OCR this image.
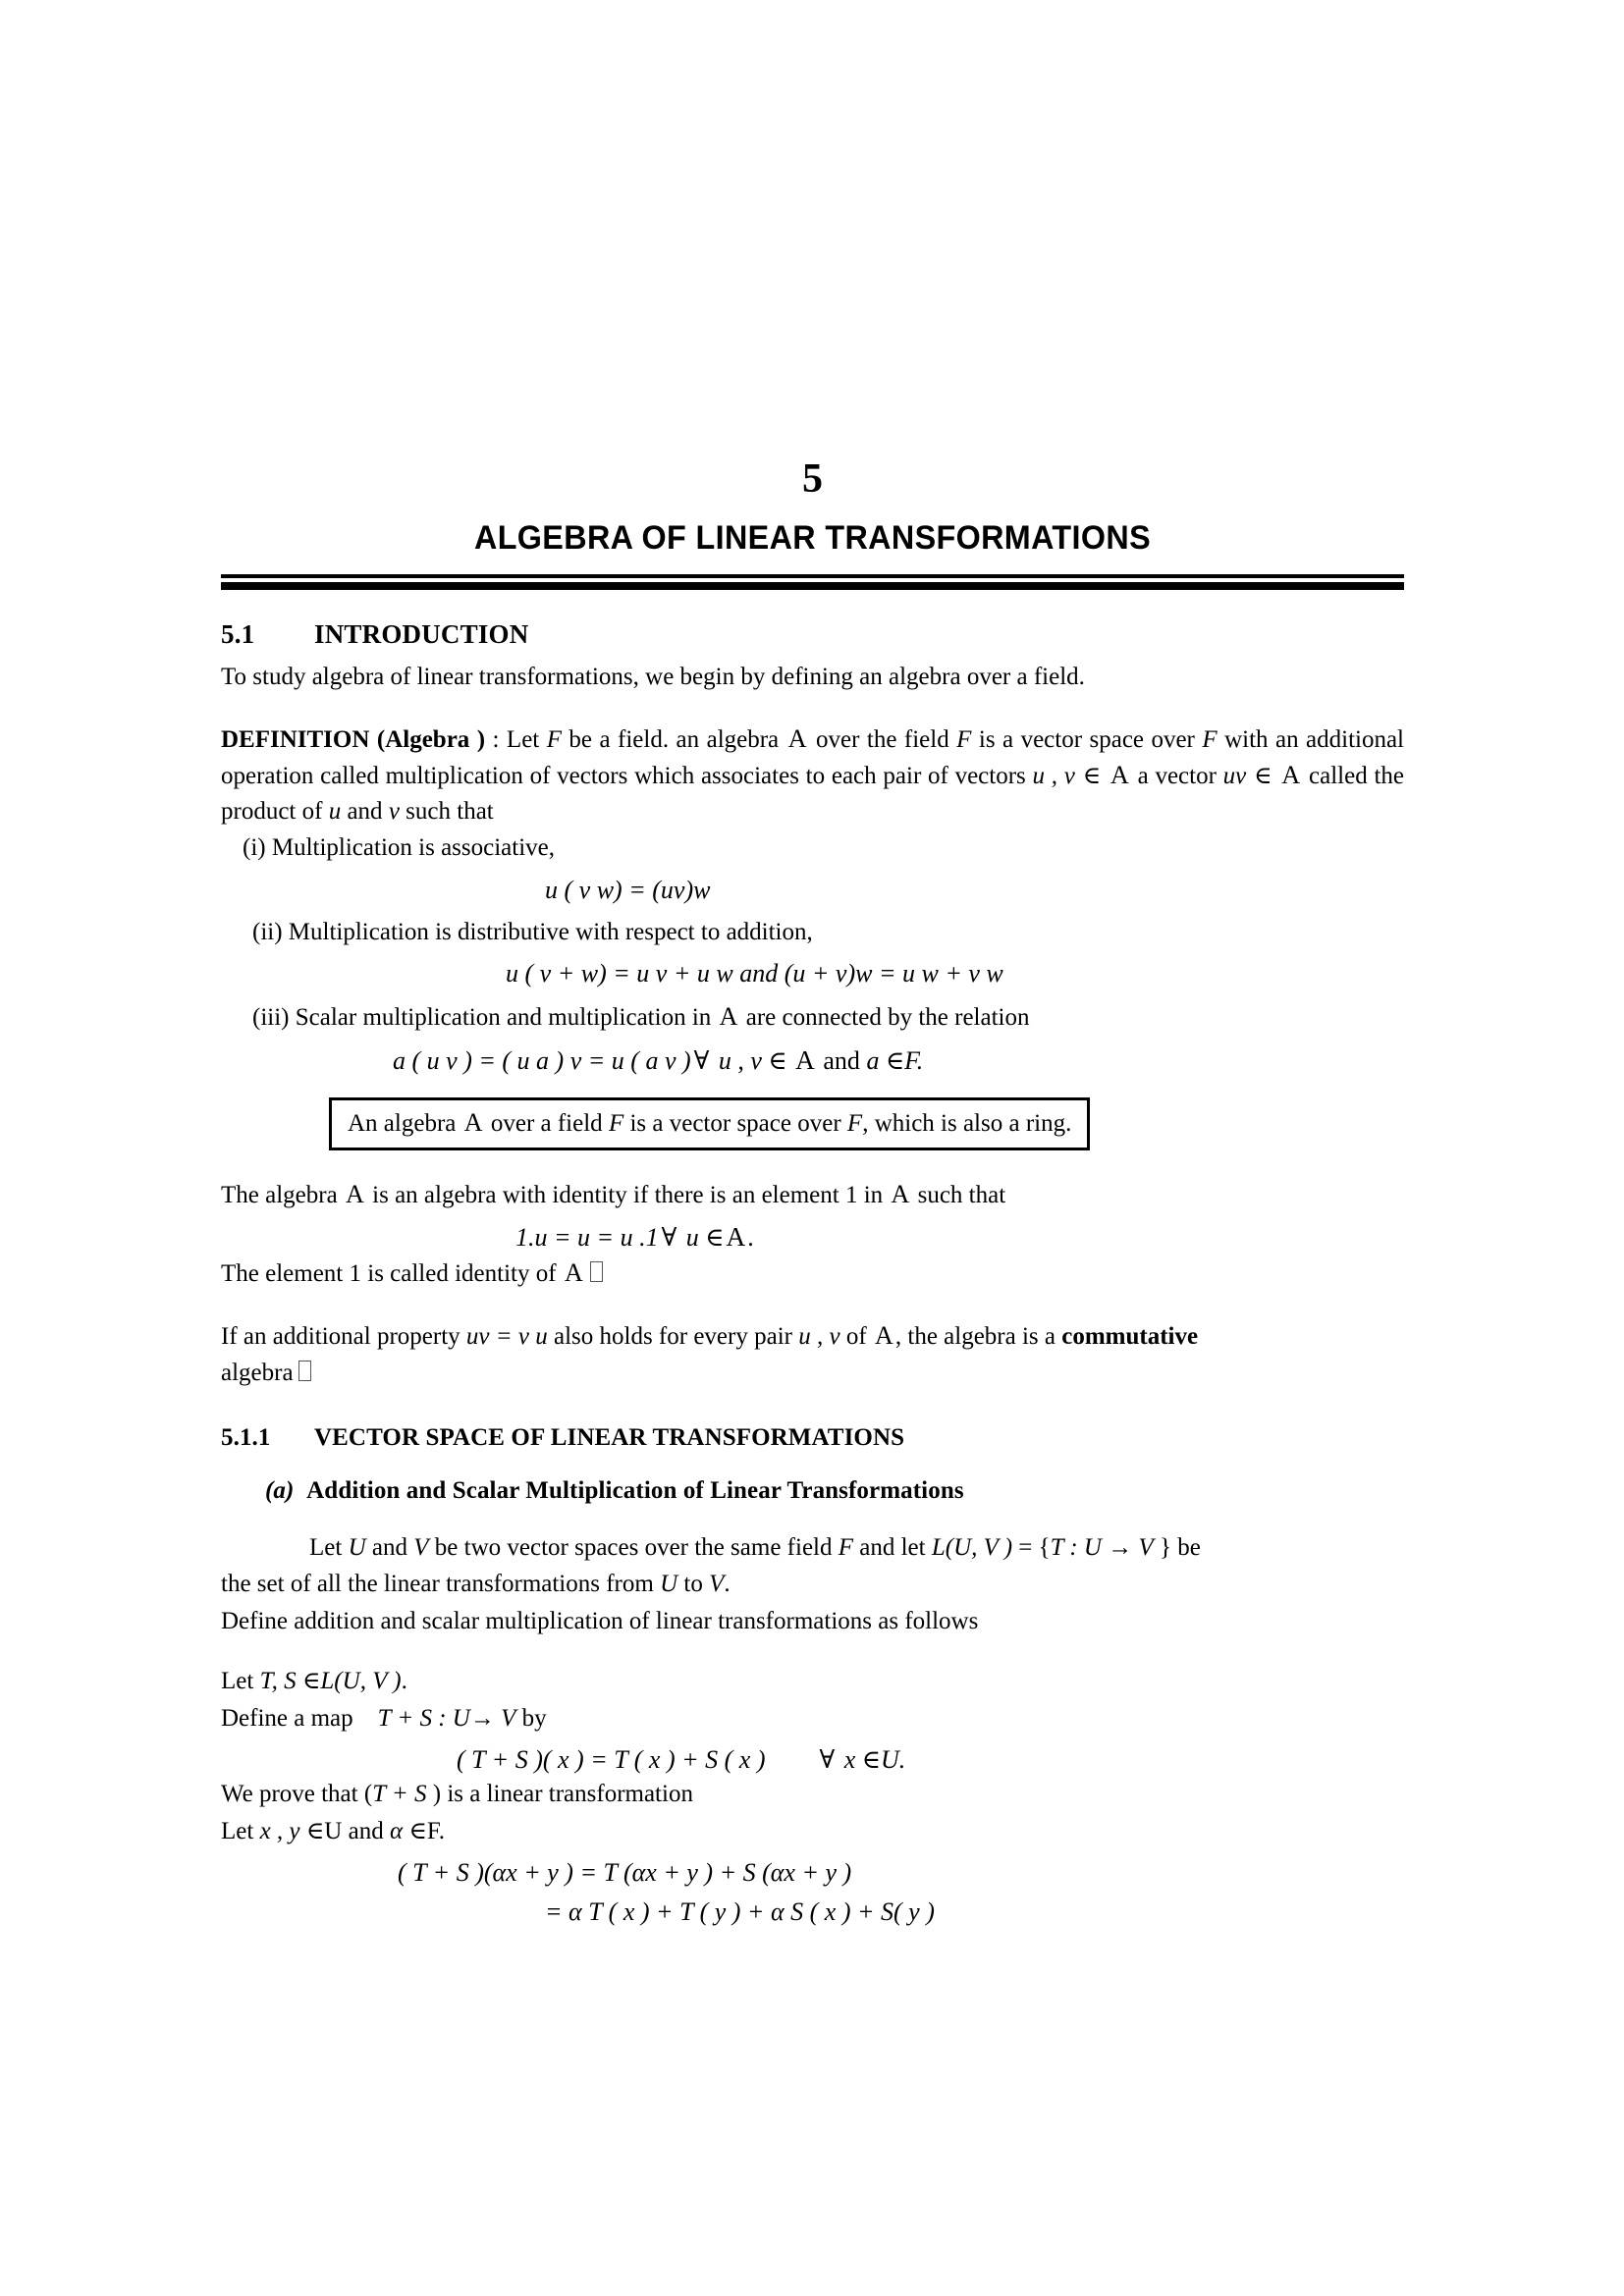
5
ALGEBRA OF LINEAR TRANSFORMATIONS
5.1 INTRODUCTION
To study algebra of linear transformations, we begin by defining an algebra over a field.
DEFINITION (Algebra ) : Let F be a field. an algebra A over the field F is a vector space over F with an additional operation called multiplication of vectors which associates to each pair of vectors u , v ∈ A a vector uv ∈ A called the product of u and v such that
(i) Multiplication is associative,
u ( v w) = (uv)w
(ii) Multiplication is distributive with respect to addition,
u ( v + w) = u v + u w and (u + v)w = u w + v w
(iii) Scalar multiplication and multiplication in A are connected by the relation
a ( u v ) = ( u a ) v = u ( a v ) ∀ u , v ∈ A and a ∈F.
An algebra A over a field F is a vector space over F, which is also a ring.
The algebra A is an algebra with identity if there is an element 1 in A such that
1.u = u = u .1 ∀ u ∈A.
The element 1 is called identity of A
If an additional property uv = v u also holds for every pair u , v of A, the algebra is a commutative
algebra
5.1.1 VECTOR SPACE OF LINEAR TRANSFORMATIONS
(a) Addition and Scalar Multiplication of Linear Transformations
Let U and V be two vector spaces over the same field F and let L(U, V ) = {T : U → V } be
the set of all the linear transformations from U to V.
Define addition and scalar multiplication of linear transformations as follows
Let T, S ∈L(U, V ).
Define a map T + S : U→ V by
( T + S )( x ) = T ( x ) + S ( x ) ∀ x ∈U.
We prove that (T + S ) is a linear transformation
Let x , y ∈U and α ∈F.
( T + S )(αx + y ) = T (αx + y ) + S (αx + y )
= α T ( x ) + T ( y ) + α S ( x ) + S( y )
